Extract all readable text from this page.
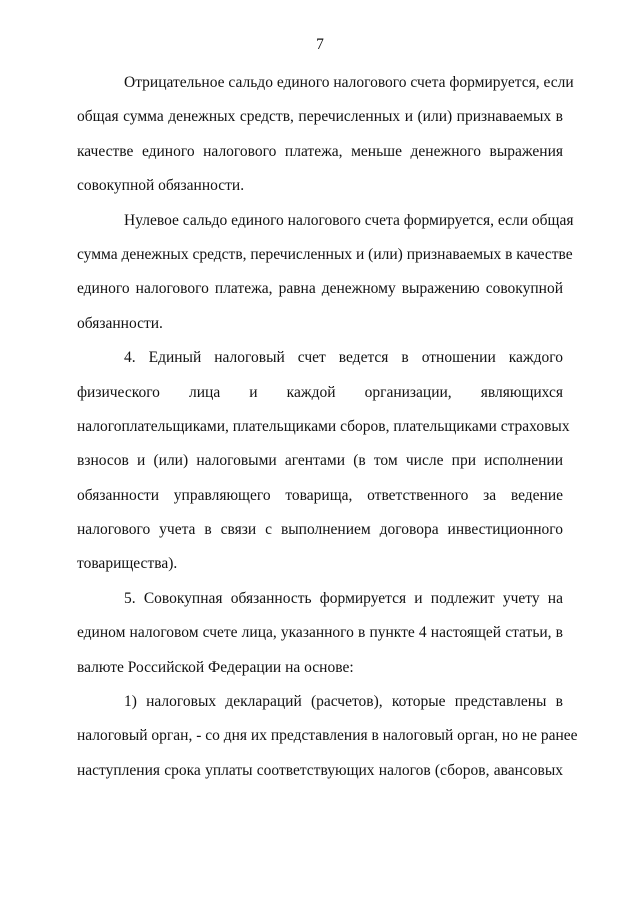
7
Отрицательное сальдо единого налогового счета формируется, если
общая сумма денежных средств, перечисленных и (или) признаваемых в
качестве единого налогового платежа, меньше денежного выражения
совокупной обязанности.
Нулевое сальдо единого налогового счета формируется, если общая
сумма денежных средств, перечисленных и (или) признаваемых в качестве
единого налогового платежа, равна денежному выражению совокупной
обязанности.
4. Единый налоговый счет ведется в отношении каждого
физического лица и каждой организации, являющихся
налогоплательщиками, плательщиками сборов, плательщиками страховых
взносов и (или) налоговыми агентами (в том числе при исполнении
обязанности управляющего товарища, ответственного за ведение
налогового учета в связи с выполнением договора инвестиционного
товарищества).
5. Совокупная обязанность формируется и подлежит учету на
едином налоговом счете лица, указанного в пункте 4 настоящей статьи, в
валюте Российской Федерации на основе:
1) налоговых деклараций (расчетов), которые представлены в
налоговый орган, - со дня их представления в налоговый орган, но не ранее
наступления срока уплаты соответствующих налогов (сборов, авансовых
